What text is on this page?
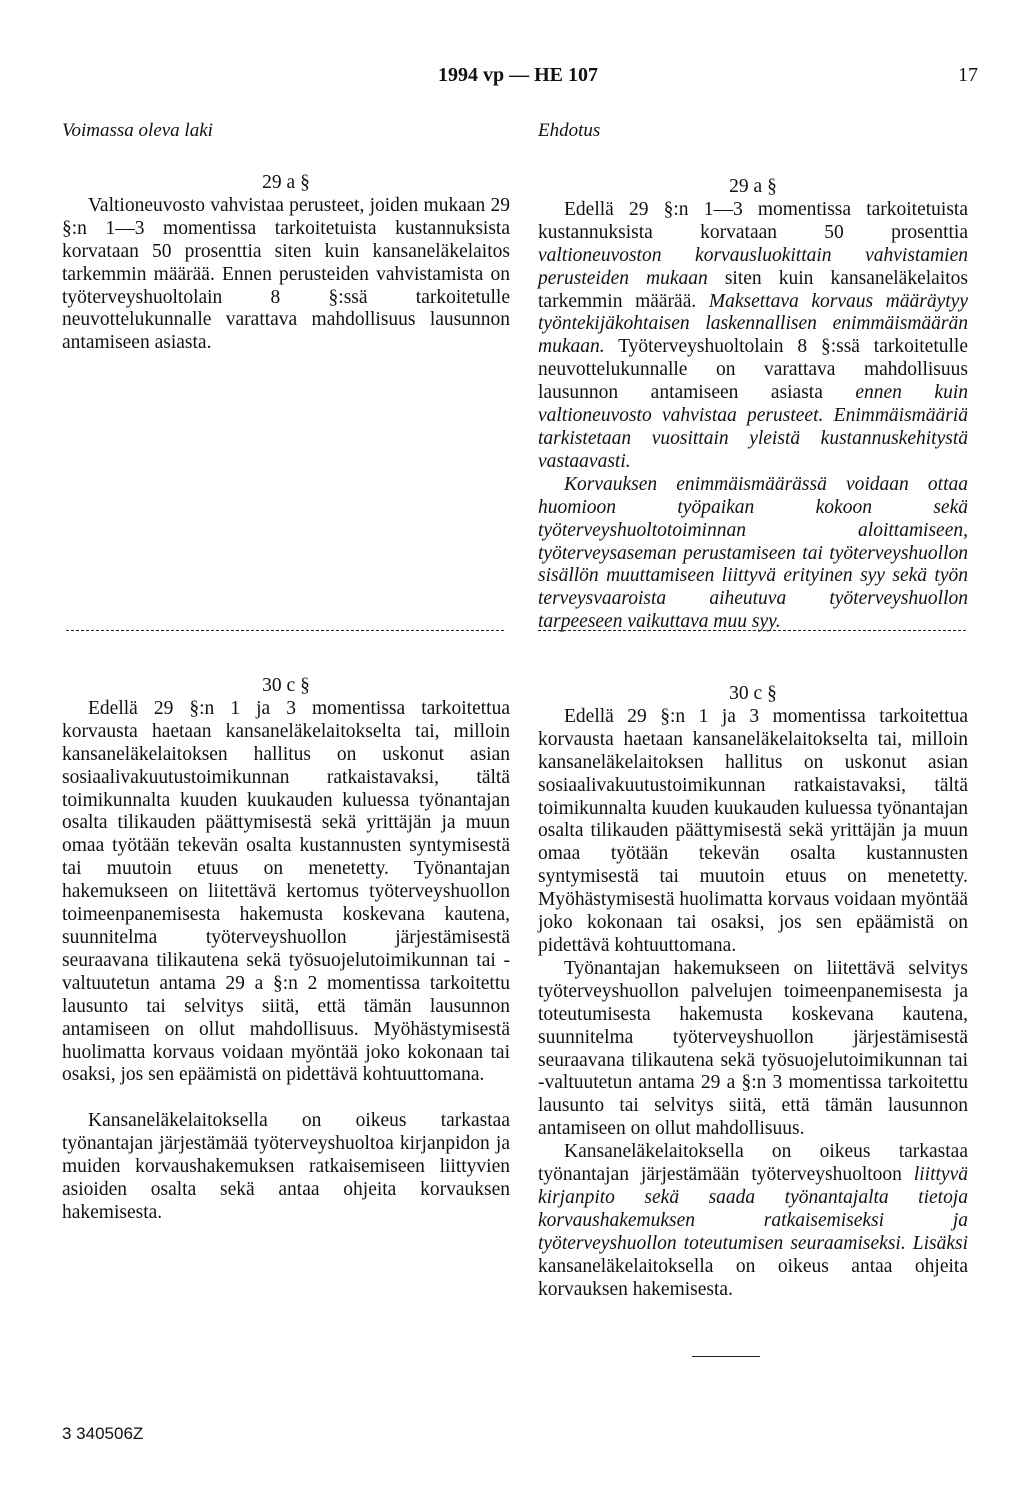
1994 vp — HE 107	17
Voimassa oleva laki	Ehdotus
29 a §

Valtioneuvosto vahvistaa perusteet, joiden mukaan 29 §:n 1—3 momentissa tarkoitetuista kustannuksista korvataan 50 prosenttia siten kuin kansaneläkelaitos tarkemmin määrää. Ennen perusteiden vahvistamista on työterveyshuoltolain 8 §:ssä tarkoitetulle neuvottelukunnalle varattava mahdollisuus lausunnon antamiseen asiasta.

29 a §

Edellä 29 §:n 1—3 momentissa tarkoitetuista kustannuksista korvataan 50 prosenttia valtioneuvoston korvausluokittain vahvistamien perusteiden mukaan siten kuin kansaneläkelaitos tarkemmin määrää. Maksettava korvaus määräytyy työntekijäkohtaisen laskennallisen enimmäismäärän mukaan. Työterveyshuoltolain 8 §:ssä tarkoitetulle neuvottelukunnalle on varattava mahdollisuus lausunnon antamiseen asiasta ennen kuin valtioneuvosto vahvistaa perusteet. Enimmäismääriä tarkistetaan vuosittain yleistä kustannuskehitystä vastaavasti.

Korvauksen enimmäismäärässä voidaan ottaa huomioon työpaikan kokoon sekä työterveyshuoltotoiminnan aloittamiseen, työterveysaseman perustamiseen tai työterveyshuollon sisällön muuttamiseen liittyvä erityinen syy sekä työn terveysvaaroista aiheutuva työterveyshuollon tarpeeseen vaikuttava muu syy.

30 c §

Edellä 29 §:n 1 ja 3 momentissa tarkoitettua korvausta haetaan kansaneläkelaitokselta tai, milloin kansaneläkelaitoksen hallitus on uskonut asian sosiaalivakuutustoimikunnan ratkaistavaksi, tältä toimikunnalta kuuden kuukauden kuluessa työnantajan osalta tilikauden päättymisestä sekä yrittäjän ja muun omaa työtään tekevän osalta kustannusten syntymisestä tai muutoin etuus on menetetty. Työnantajan hakemukseen on liitettävä kertomus työterveyshuollon toimeenpanemisesta hakemusta koskevana kautena, suunnitelma työterveyshuollon järjestämisestä seuraavana tilikautena sekä työsuojelutoimikunnan tai -valtuutetun antama 29 a §:n 2 momentissa tarkoitettu lausunto tai selvitys siitä, että tämän lausunnon antamiseen on ollut mahdollisuus. Myöhästymisestä huolimatta korvaus voidaan myöntää joko kokonaan tai osaksi, jos sen epäämistä on pidettävä kohtuuttomana.

Kansaneläkelaitoksella on oikeus tarkastaa työnantajan järjestämää työterveyshuoltoa kirjanpidon ja muiden korvaushakemuksen ratkaisemiseen liittyvien asioiden osalta sekä antaa ohjeita korvauksen hakemisesta.

30 c §

Edellä 29 §:n 1 ja 3 momentissa tarkoitettua korvausta haetaan kansaneläkelaitokselta tai, milloin kansaneläkelaitoksen hallitus on uskonut asian sosiaalivakuutustoimikunnan ratkaistavaksi, tältä toimikunnalta kuuden kuukauden kuluessa työnantajan osalta tilikauden päättymisestä sekä yrittäjän ja muun omaa työtään tekevän osalta kustannusten syntymisestä tai muutoin etuus on menetetty. Myöhästymisestä huolimatta korvaus voidaan myöntää joko kokonaan tai osaksi, jos sen epäämistä on pidettävä kohtuuttomana.

Työnantajan hakemukseen on liitettävä selvitys työterveyshuollon palvelujen toimeenpanemisesta ja toteutumisesta hakemusta koskevana kautena, suunnitelma työterveyshuollon järjestämisestä seuraavana tilikautena sekä työsuojelutoimikunnan tai -valtuutetun antama 29 a §:n 3 momentissa tarkoitettu lausunto tai selvitys siitä, että tämän lausunnon antamiseen on ollut mahdollisuus.

Kansaneläkelaitoksella on oikeus tarkastaa työnantajan järjestämään työterveyshuoltoon liittyvä kirjanpito sekä saada työnantajalta tietoja korvaushakemuksen ratkaisemiseksi ja työterveyshuollon toteutumisen seuraamiseksi. Lisäksi kansaneläkelaitoksella on oikeus antaa ohjeita korvauksen hakemisesta.

3 340506Z
